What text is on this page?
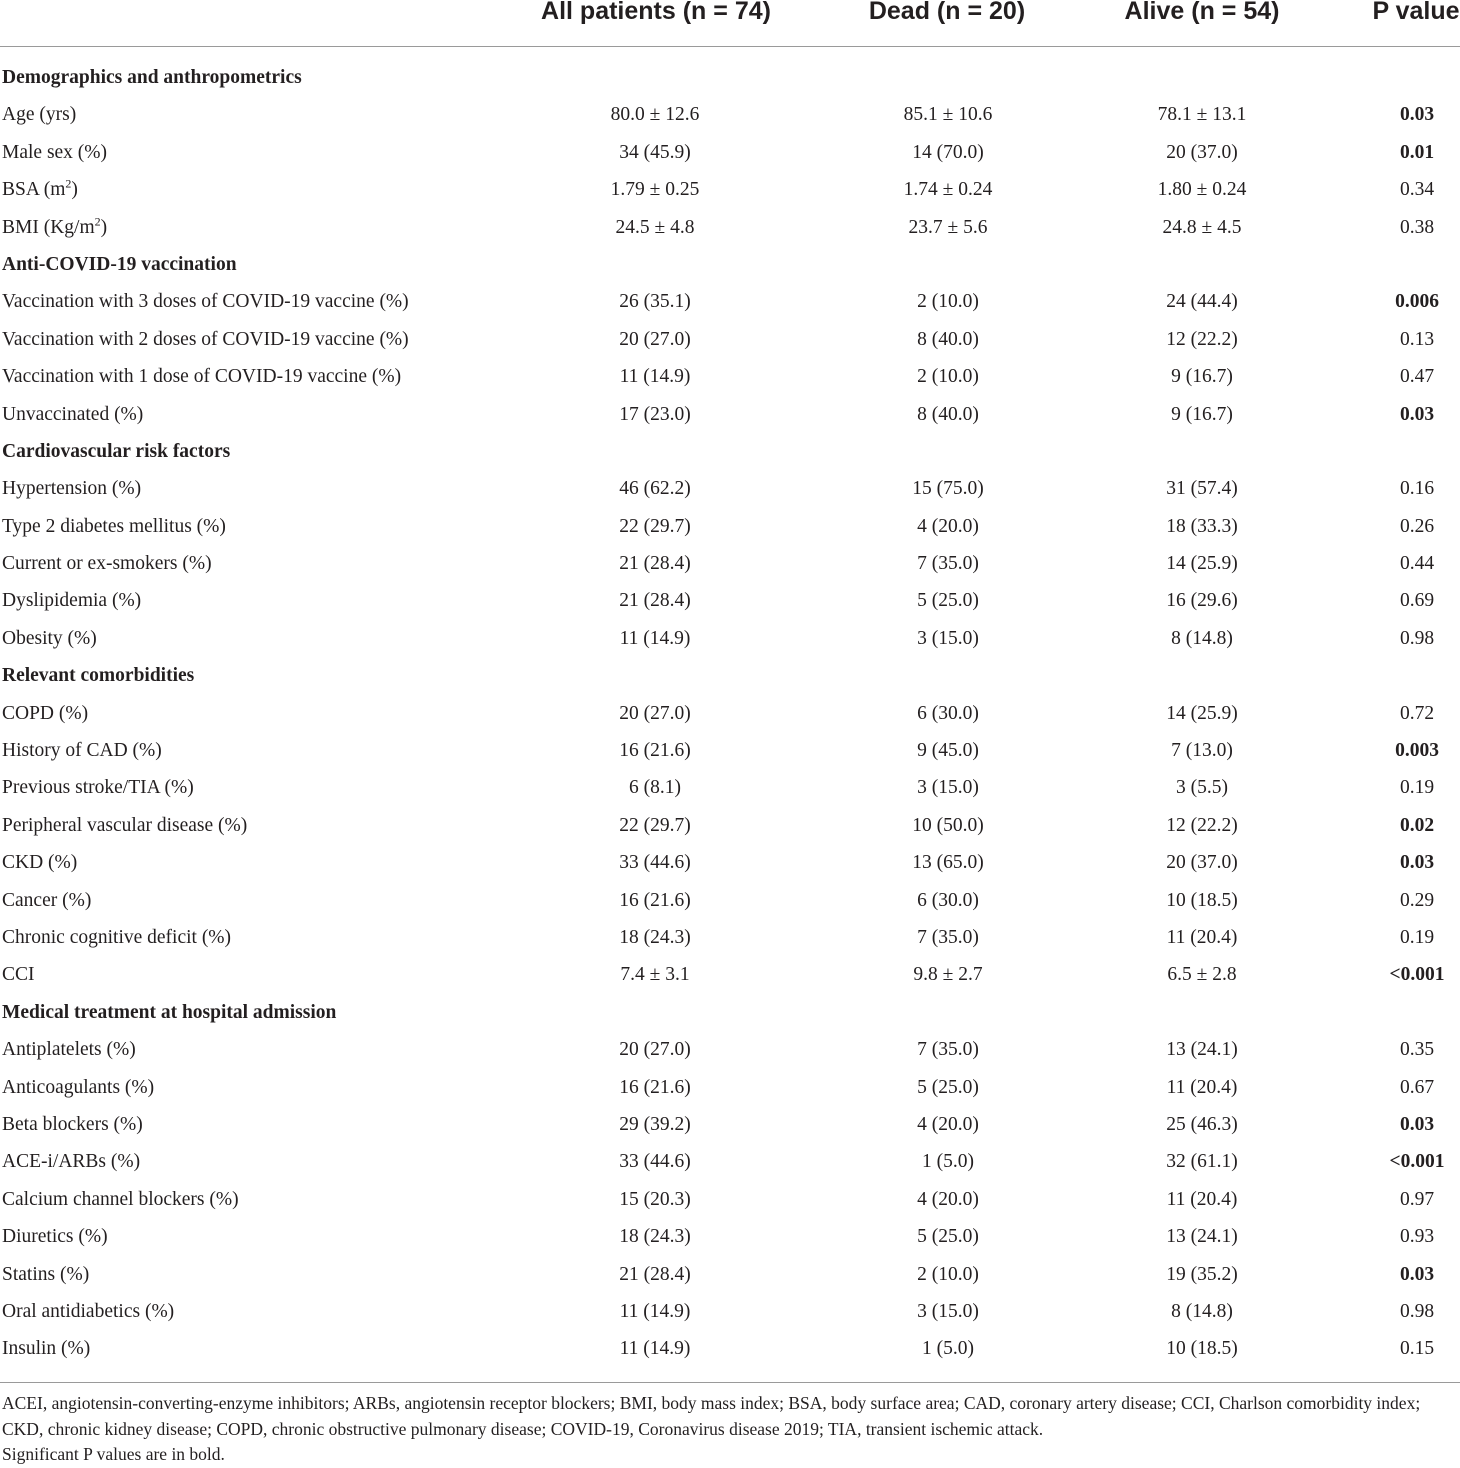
All patients (n = 74)	Dead (n = 20)	Alive (n = 54)	P value
Demographics and anthropometrics
Age (yrs)	80.0 ± 12.6	85.1 ± 10.6	78.1 ± 13.1	0.03
Male sex (%)	34 (45.9)	14 (70.0)	20 (37.0)	0.01
BSA $(m^2)$	1.79 ± 0.25	1.74 ± 0.24	1.80 ± 0.24	0.34
BMI $(Kg/m^2)$	24.5 ± 4.8	23.7 ± 5.6	24.8 ± 4.5	0.38
Anti-COVID-19 vaccination
Vaccination with 3 doses of COVID-19 vaccine (%)	26 (35.1)	2 (10.0)	24 (44.4)	0.006
Vaccination with 2 doses of COVID-19 vaccine (%)	20 (27.0)	8 (40.0)	12 (22.2)	0.13
Vaccination with 1 dose of COVID-19 vaccine (%)	11 (14.9)	2 (10.0)	9 (16.7)	0.47
Unvaccinated (%)	17 (23.0)	8 (40.0)	9 (16.7)	0.03
Cardiovascular risk factors
Hypertension (%)	46 (62.2)	15 (75.0)	31 (57.4)	0.16
Type 2 diabetes mellitus (%)	22 (29.7)	4 (20.0)	18 (33.3)	0.26
Current or ex-smokers (%)	21 (28.4)	7 (35.0)	14 (25.9)	0.44
Dyslipidemia (%)	21 (28.4)	5 (25.0)	16 (29.6)	0.69
Obesity (%)	11 (14.9)	3 (15.0)	8 (14.8)	0.98
Relevant comorbidities
COPD (%)	20 (27.0)	6 (30.0)	14 (25.9)	0.72
History of CAD (%)	16 (21.6)	9 (45.0)	7 (13.0)	0.003
Previous stroke/TIA (%)	6 (8.1)	3 (15.0)	3 (5.5)	0.19
Peripheral vascular disease (%)	22 (29.7)	10 (50.0)	12 (22.2)	0.02
CKD (%)	33 (44.6)	13 (65.0)	20 (37.0)	0.03
Cancer (%)	16 (21.6)	6 (30.0)	10 (18.5)	0.29
Chronic cognitive deficit (%)	18 (24.3)	7 (35.0)	11 (20.4)	0.19
CCI	7.4 ± 3.1	9.8 ± 2.7	6.5 ± 2.8	<0.001
Medical treatment at hospital admission
Antiplatelets (%)	20 (27.0)	7 (35.0)	13 (24.1)	0.35
Anticoagulants (%)	16 (21.6)	5 (25.0)	11 (20.4)	0.67
Beta blockers (%)	29 (39.2)	4 (20.0)	25 (46.3)	0.03
ACE-i/ARBs (%)	33 (44.6)	1 (5.0)	32 (61.1)	<0.001
Calcium channel blockers (%)	15 (20.3)	4 (20.0)	11 (20.4)	0.97
Diuretics (%)	18 (24.3)	5 (25.0)	13 (24.1)	0.93
Statins (%)	21 (28.4)	2 (10.0)	19 (35.2)	0.03
Oral antidiabetics (%)	11 (14.9)	3 (15.0)	8 (14.8)	0.98
Insulin (%)	11 (14.9)	1 (5.0)	10 (18.5)	0.15

ACEI, angiotensin-converting-enzyme inhibitors; ARBs, angiotensin receptor blockers; BMI, body mass index; BSA, body surface area; CAD, coronary artery disease; CCI, Charlson comorbidity index; CKD, chronic kidney disease; COPD, chronic obstructive pulmonary disease; COVID-19, Coronavirus disease 2019; TIA, transient ischemic attack.

Significant P values are in bold.
